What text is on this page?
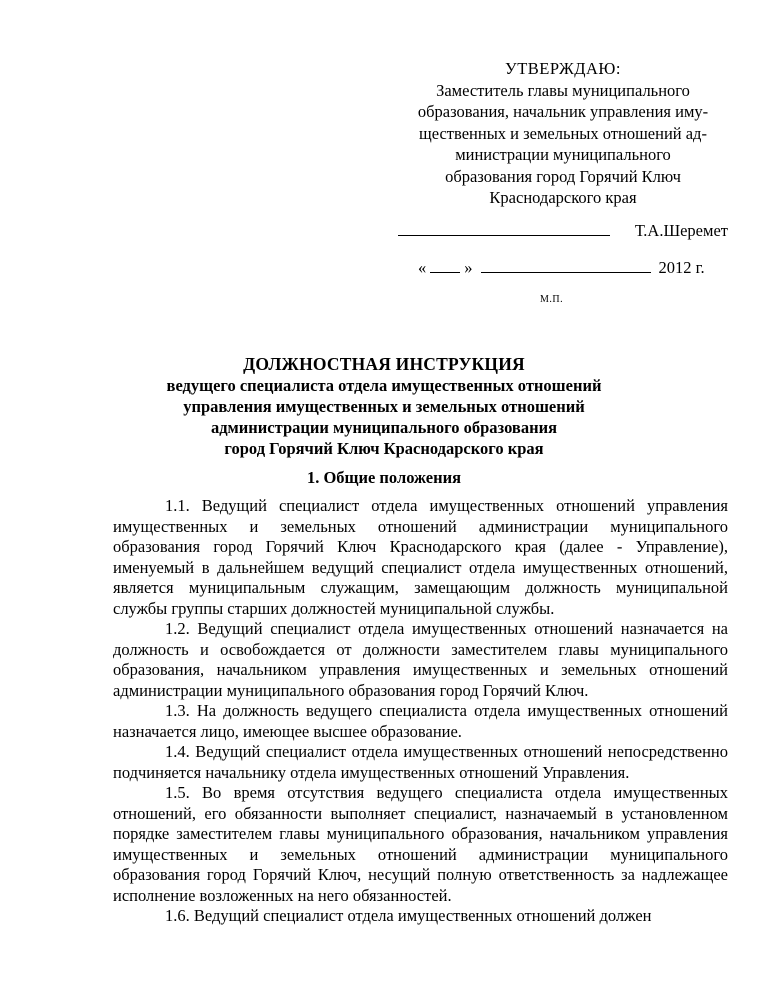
УТВЕРЖДАЮ:
Заместитель главы муниципального
образования, начальник управления иму-
щественных и земельных отношений ад-
министрации муниципального
образования город Горячий Ключ
Краснодарского края
Т.А.Шеремет
« »	2012 г.
М.П.
ДОЛЖНОСТНАЯ ИНСТРУКЦИЯ
ведущего специалиста отдела имущественных отношений
управления имущественных и земельных отношений
администрации муниципального образования
город Горячий Ключ Краснодарского края
1. Общие положения

1.1. Ведущий специалист отдела имущественных отношений управления имущественных и земельных отношений администрации муниципального образования город Горячий Ключ Краснодарского края (далее - Управление), именуемый в дальнейшем ведущий специалист отдела имущественных отношений, является муниципальным служащим, замещающим должность муниципальной службы группы старших должностей муниципальной службы.

1.2. Ведущий специалист отдела имущественных отношений назначается на должность и освобождается от должности заместителем главы муниципального образования, начальником управления имущественных и земельных отношений администрации муниципального образования город Горячий Ключ.

1.3. На должность ведущего специалиста отдела имущественных отношений назначается лицо, имеющее высшее образование.

1.4. Ведущий специалист отдела имущественных отношений непосредственно подчиняется начальнику отдела имущественных отношений Управления.

1.5. Во время отсутствия ведущего специалиста отдела имущественных отношений, его обязанности выполняет специалист, назначаемый в установленном порядке заместителем главы муниципального образования, начальником управления имущественных и земельных отношений администрации муниципального образования город Горячий Ключ, несущий полную ответственность за надлежащее исполнение возложенных на него обязанностей.

1.6. Ведущий специалист отдела имущественных отношений должен
